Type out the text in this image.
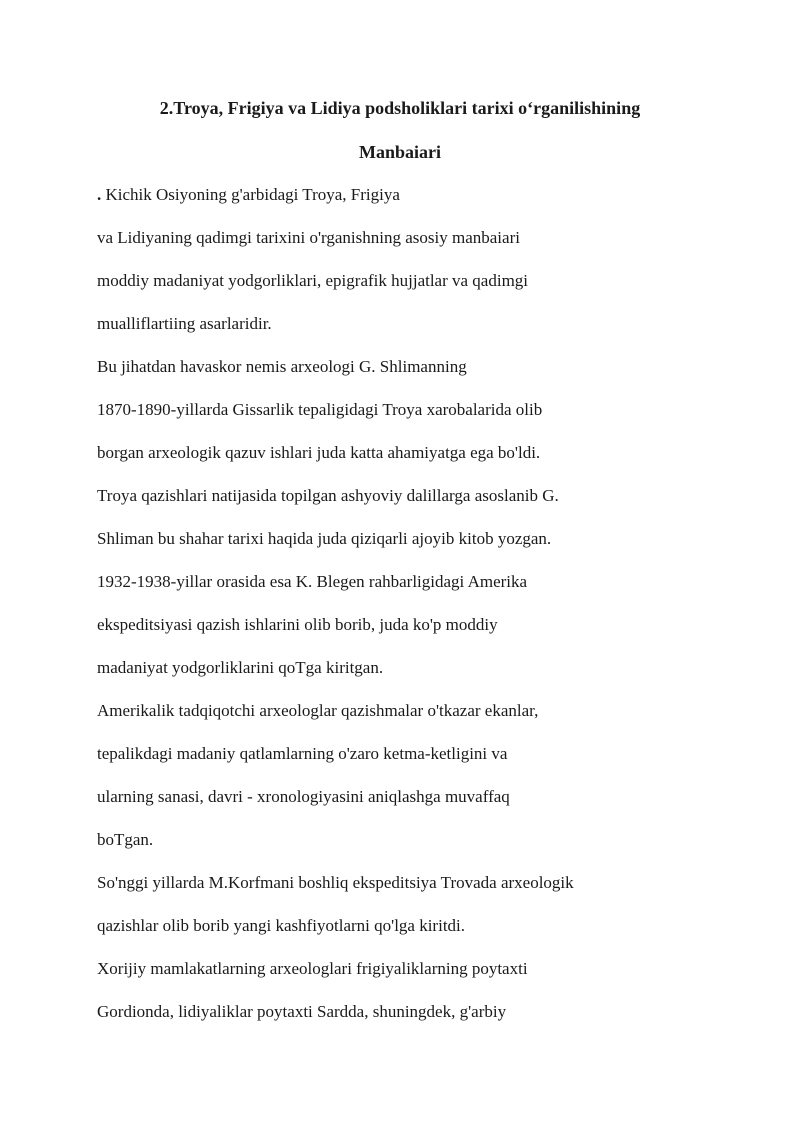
2.Troya, Frigiya va Lidiya podsholiklari tarixi o‘rganilishining

Manbaiari

. Kichik Osiyoning g'arbidagi Troya, Frigiya

va Lidiyaning qadimgi tarixini o'rganishning asosiy manbaiari

moddiy madaniyat yodgorliklari, epigrafik hujjatlar va qadimgi

mualliflartiing asarlaridir.

Bu jihatdan havaskor nemis arxeologi G. Shlimanning

1870-1890-yillarda Gissarlik tepaligidagi Troya xarobalarida olib

borgan arxeologik qazuv ishlari juda katta ahamiyatga ega bo'ldi.

Troya qazishlari natijasida topilgan ashyoviy dalillarga asoslanib G.

Shliman bu shahar tarixi haqida juda qiziqarli ajoyib kitob yozgan.

1932-1938-yillar orasida esa K. Blegen rahbarligidagi Amerika

ekspeditsiyasi qazish ishlarini olib borib, juda ko'p moddiy

madaniyat yodgorliklarini qoTga kiritgan.

Amerikalik tadqiqotchi arxeologlar qazishmalar o'tkazar ekanlar,

tepalikdagi madaniy qatlamlarning o'zaro ketma-ketligini va

ularning sanasi, davri - xronologiyasini aniqlashga muvaffaq

boTgan.

So'nggi yillarda M.Korfmani boshliq ekspeditsiya Trovada arxeologik

qazishlar olib borib yangi kashfiyotlarni qo'lga kiritdi.

Xorijiy mamlakatlarning arxeologlari frigiyaliklarning poytaxti

Gordionda, lidiyaliklar poytaxti Sardda, shuningdek, g'arbiy
